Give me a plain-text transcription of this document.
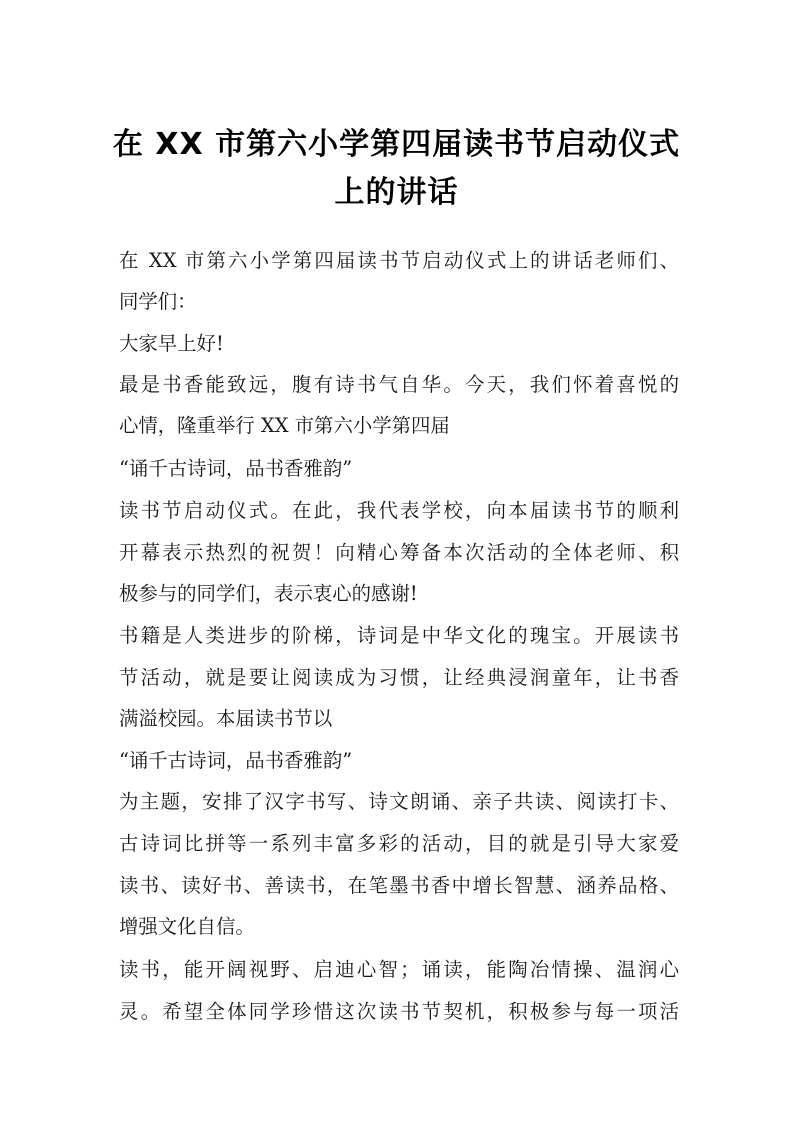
在 XX 市第六小学第四届读书节启动仪式
上的讲话
在 XX 市第六小学第四届读书节启动仪式上的讲话老师们、
同学们：
大家早上好!
最是书香能致远，腹有诗书气自华。今天，我们怀着喜悦的
心情，隆重举行 XX 市第六小学第四届
“诵千古诗词，品书香雅韵”
读书节启动仪式。在此，我代表学校，向本届读书节的顺利
开幕表示热烈的祝贺！向精心筹备本次活动的全体老师、积
极参与的同学们，表示衷心的感谢!
书籍是人类进步的阶梯，诗词是中华文化的瑰宝。开展读书
节活动，就是要让阅读成为习惯，让经典浸润童年，让书香
满溢校园。本届读书节以
“诵千古诗词，品书香雅韵”
为主题，安排了汉字书写、诗文朗诵、亲子共读、阅读打卡、
古诗词比拼等一系列丰富多彩的活动，目的就是引导大家爱
读书、读好书、善读书，在笔墨书香中增长智慧、涵养品格、
增强文化自信。
读书，能开阔视野、启迪心智；诵读，能陶冶情操、温润心
灵。希望全体同学珍惜这次读书节契机，积极参与每一项活
